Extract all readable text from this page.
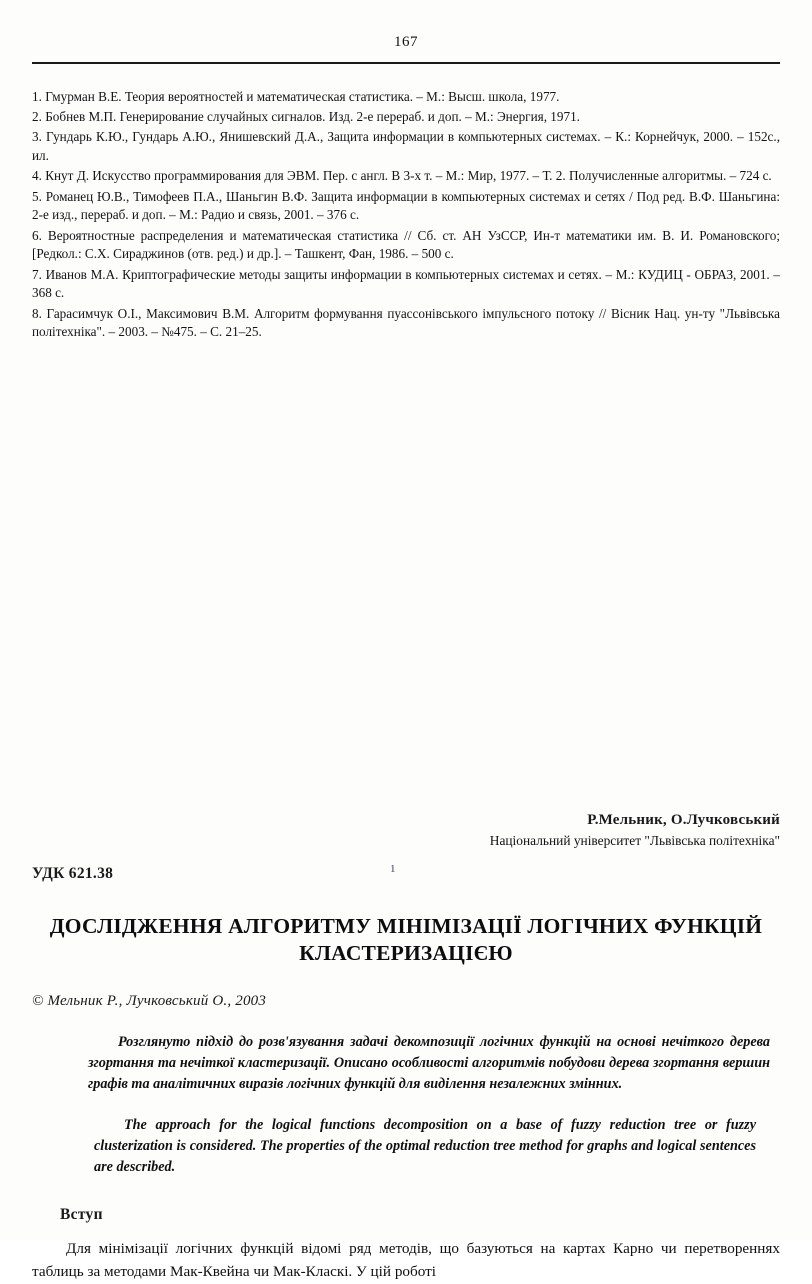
167
1. Гмурман В.Е. Теория вероятностей и математическая статистика. – М.: Высш. школа, 1977.
2. Бобнев М.П. Генерирование случайных сигналов. Изд. 2-е перераб. и доп. – М.: Энергия, 1971.
3. Гундарь К.Ю., Гундарь А.Ю., Янишевский Д.А., Защита информации в компьютерных системах. – К.: Корнейчук, 2000. – 152с., ил.
4. Кнут Д. Искусство программирования для ЭВМ. Пер. с англ. В 3-х т. – М.: Мир, 1977. – Т. 2. Получисленные алгоритмы. – 724 с.
5. Романец Ю.В., Тимофеев П.А., Шаньгин В.Ф. Защита информации в компьютерных системах и сетях / Под ред. В.Ф. Шаньгина: 2-е изд., перераб. и доп. – М.: Радио и связь, 2001. – 376 с.
6. Вероятностные распределения и математическая статистика // Сб. ст. АН УзССР, Ин-т математики им. В. И. Романовского; [Редкол.: С.Х. Сираджинов (отв. ред.) и др.]. – Ташкент, Фан, 1986. – 500 с.
7. Иванов М.А. Криптографические методы защиты информации в компьютерных системах и сетях. – М.: КУДИЦ - ОБРАЗ, 2001. – 368 с.
8. Гарасимчук О.І., Максимович В.М. Алгоритм формування пуассонівського імпульсного потоку // Вісник Нац. ун-ту "Львівська політехніка". – 2003. – №475. – С. 21–25.
Р.Мельник, О.Лучковський
Національний університет "Львівська політехніка"
УДК 621.38	1
ДОСЛІДЖЕННЯ АЛГОРИТМУ МІНІМІЗАЦІЇ ЛОГІЧНИХ ФУНКЦІЙ КЛАСТЕРИЗАЦІЄЮ
© Мельник Р., Лучковський О., 2003
Розглянуто підхід до розв'язування задачі декомпозиції логічних функцій на основі нечіткого дерева згортання та нечіткої кластеризації. Описано особливості алгоритмів побудови дерева згортання вершин графів та аналітичних виразів логічних функцій для виділення незалежних змінних.
The approach for the logical functions decomposition on a base of fuzzy reduction tree or fuzzy clusterization is considered. The properties of the optimal reduction tree method for graphs and logical sentences are described.
Вступ
Для мінімізації логічних функцій відомі ряд методів, що базуються на картах Карно чи перетвореннях таблиць за методами Мак-Квейна чи Мак-Класкі. У цій роботі
